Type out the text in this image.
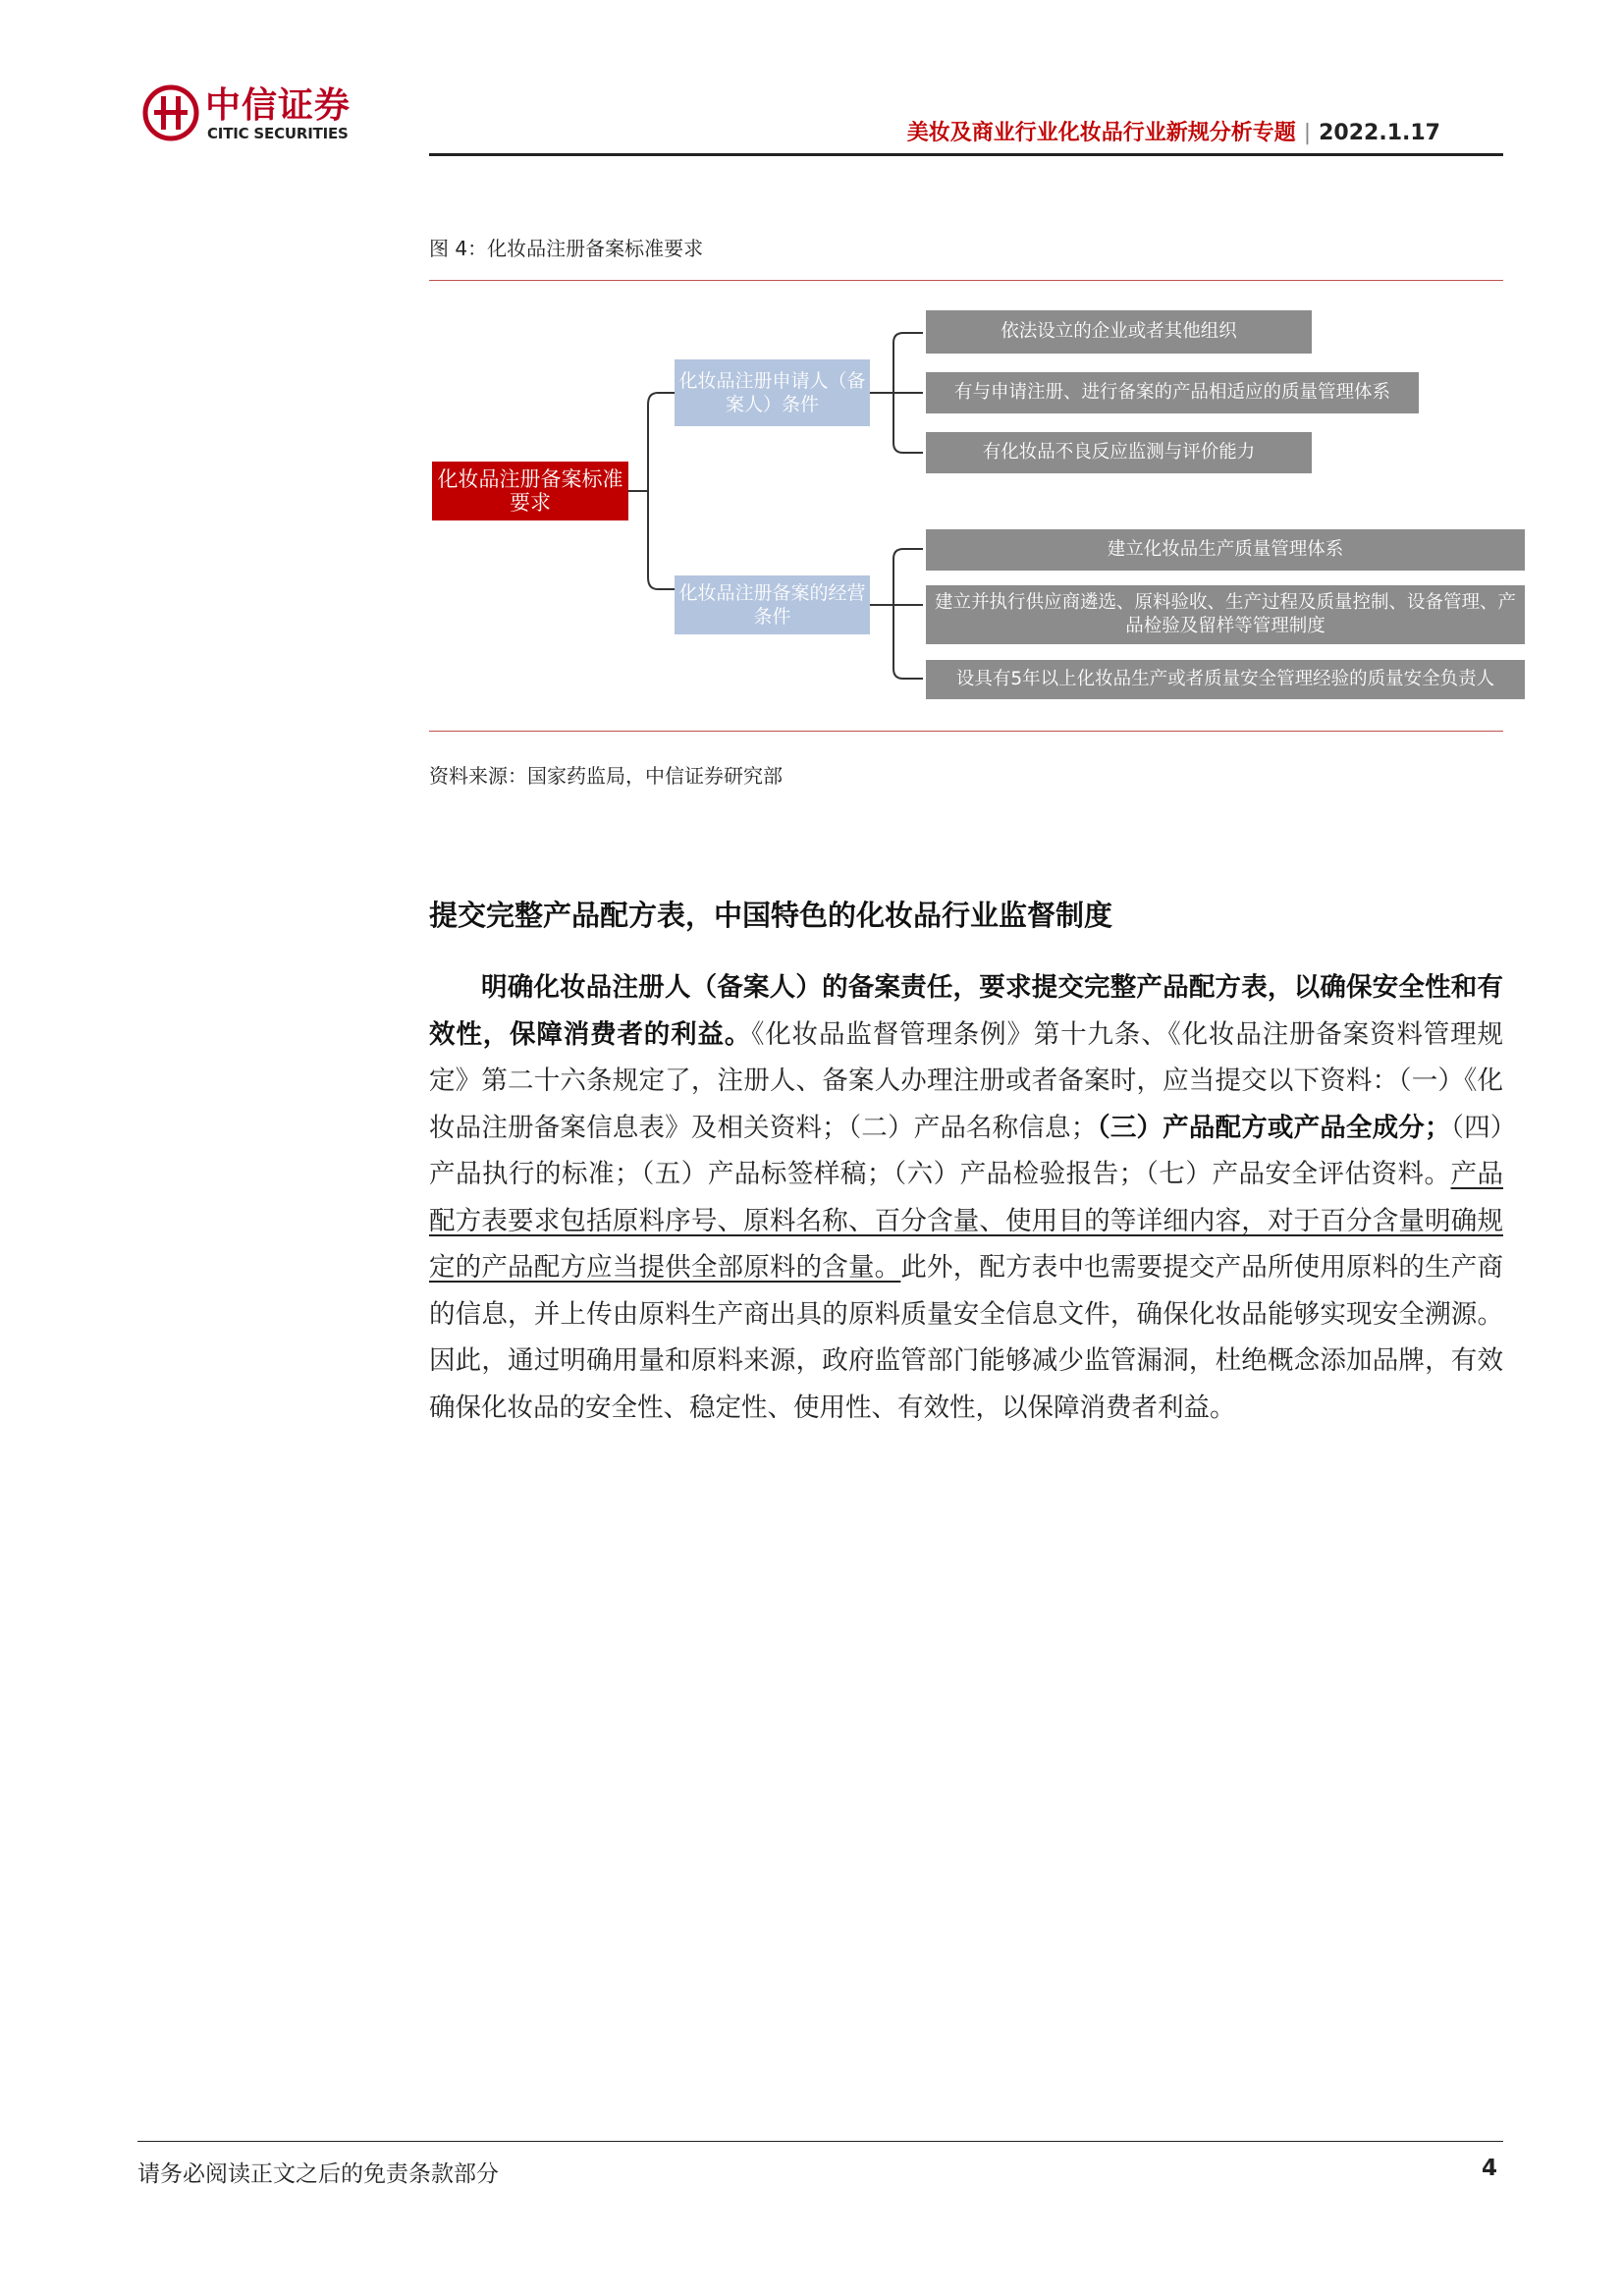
中信证券
CITIC SECURITIES	美妆及商业行业化妆品行业新规分析专题 | 2022.1.17
图 4：化妆品注册备案标准要求
化妆品注册备案标准要求
化妆品注册申请人（备案人）条件
化妆品注册备案的经营条件
依法设立的企业或者其他组织
有与申请注册、进行备案的产品相适应的质量管理体系
有化妆品不良反应监测与评价能力
建立化妆品生产质量管理体系
建立并执行供应商遴选、原料验收、生产过程及质量控制、设备管理、产品检验及留样等管理制度
设具有5年以上化妆品生产或者质量安全管理经验的质量安全负责人
资料来源：国家药监局，中信证券研究部
提交完整产品配方表，中国特色的化妆品行业监督制度
明确化妆品注册人（备案人）的备案责任，要求提交完整产品配方表，以确保安全性和有效性，保障消费者的利益。《化妆品监督管理条例》第十九条、《化妆品注册备案资料管理规定》第二十六条规定了，注册人、备案人办理注册或者备案时，应当提交以下资料：（一）《化妆品注册备案信息表》及相关资料；（二）产品名称信息；（三）产品配方或产品全成分；（四）产品执行的标准；（五）产品标签样稿；（六）产品检验报告；（七）产品安全评估资料。产品配方表要求包括原料序号、原料名称、百分含量、使用目的等详细内容，对于百分含量明确规定的产品配方应当提供全部原料的含量。此外，配方表中也需要提交产品所使用原料的生产商的信息，并上传由原料生产商出具的原料质量安全信息文件，确保化妆品能够实现安全溯源。因此，通过明确用量和原料来源，政府监管部门能够减少监管漏洞，杜绝概念添加品牌，有效确保化妆品的安全性、稳定性、使用性、有效性，以保障消费者利益。
请务必阅读正文之后的免责条款部分	4
